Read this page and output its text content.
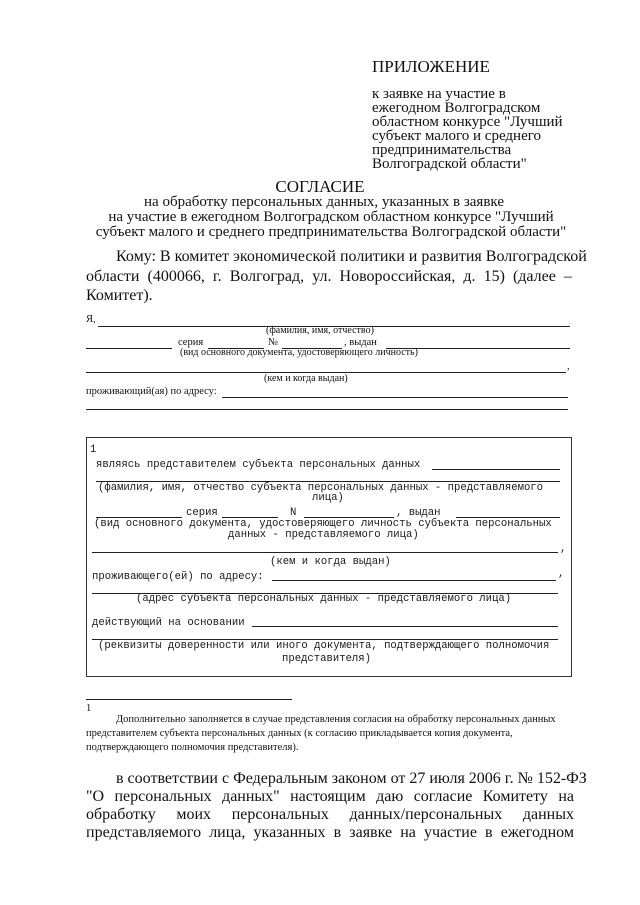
ПРИЛОЖЕНИЕ
к заявке на участие в
ежегодном Волгоградском
областном конкурсе "Лучший
субъект малого и среднего
предпринимательства
Волгоградской области"
СОГЛАСИЕ
на обработку персональных данных, указанных в заявке
на участие в ежегодном Волгоградском областном конкурсе "Лучший
субъект малого и среднего предпринимательства Волгоградской области"
Кому: В комитет экономической политики и развития Волгоградской
области (400066, г. Волгоград, ул. Новороссийская, д. 15) (далее –
Комитет).
Я,
(фамилия, имя, отчество)
серия	№	, выдан
(вид основного документа, удостоверяющего личность)
,
(кем и когда выдан)
проживающий(ая) по адресу:
1
являясь представителем субъекта персональных данных
(фамилия, имя, отчество субъекта персональных данных - представляемого
лица)
серия	N	, выдан
(вид основного документа, удостоверяющего личность субъекта персональных
данных - представляемого лица)
,
(кем и когда выдан)
проживающего(ей) по адресу:	,
(адрес субъекта персональных данных - представляемого лица)
действующий на основании
(реквизиты доверенности или иного документа, подтверждающего полномочия
представителя)
1
Дополнительно заполняется в случае представления согласия на обработку персональных данных
представителем субъекта персональных данных (к согласию прикладывается копия документа,
подтверждающего полномочия представителя).
в соответствии с Федеральным законом от 27 июля 2006 г. № 152-ФЗ
"О персональных данных" настоящим даю согласие Комитету на
обработку моих персональных данных/персональных данных
представляемого лица, указанных в заявке на участие в ежегодном
